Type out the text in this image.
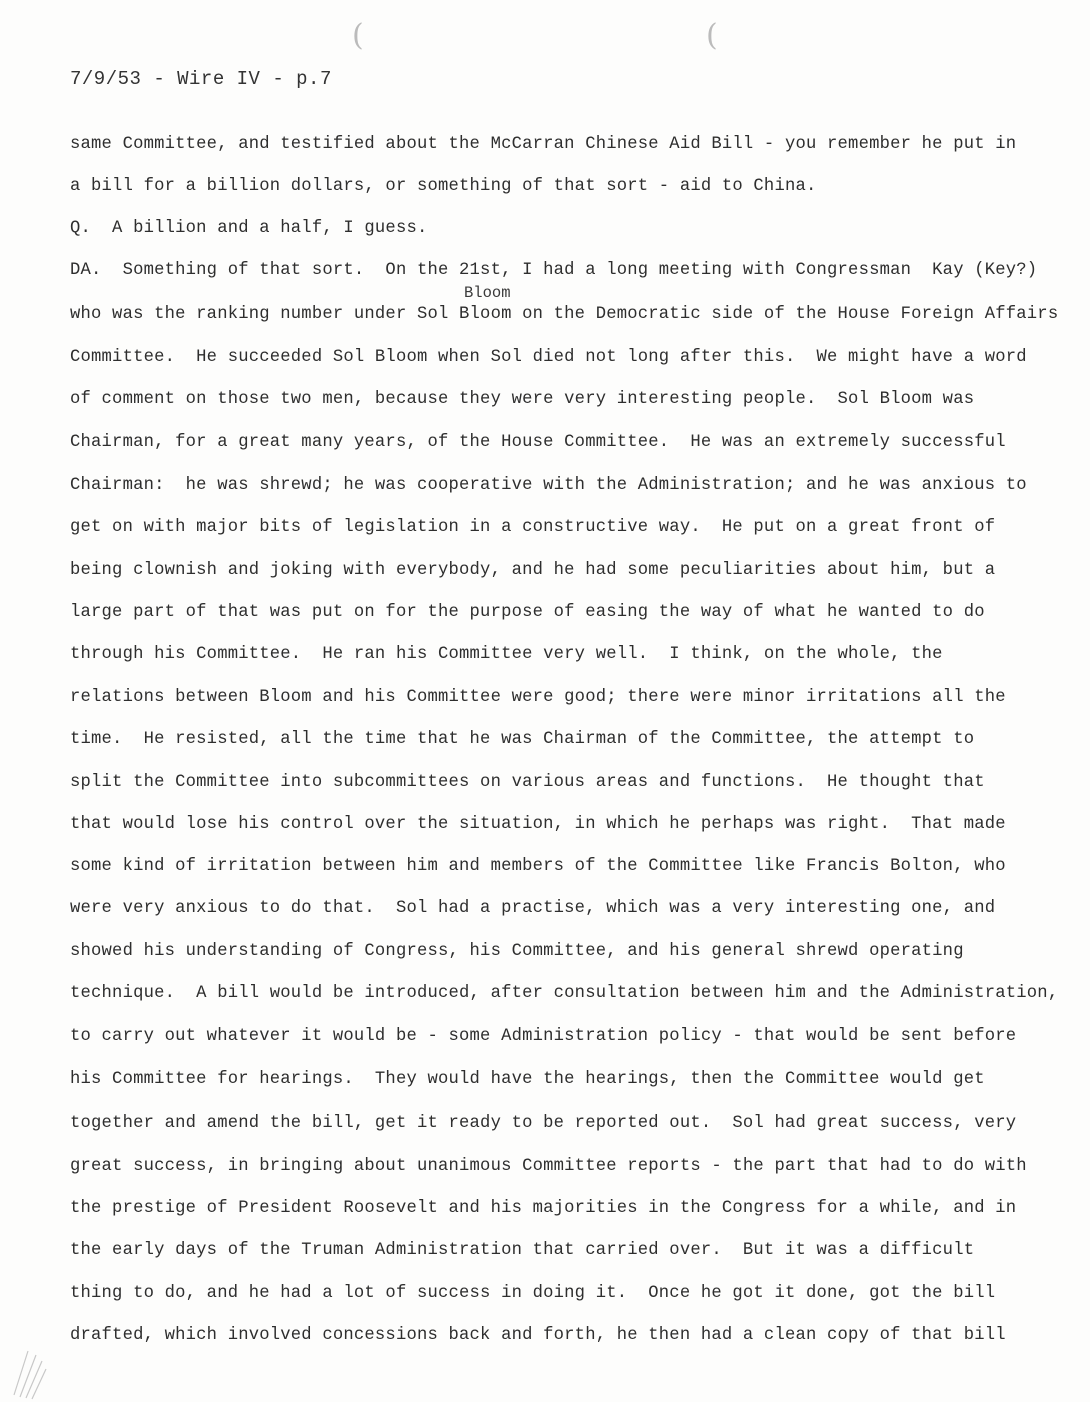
(	(
7/9/53 - Wire IV - p.7
Bloom
same Committee, and testified about the McCarran Chinese Aid Bill - you remember he put in
a bill for a billion dollars, or something of that sort - aid to China.
Q.  A billion and a half, I guess.
DA.  Something of that sort.  On the 21st, I had a long meeting with Congressman  Kay (Key?)
who was the ranking number under Sol Bloom on the Democratic side of the House Foreign Affairs
Committee.  He succeeded Sol Bloom when Sol died not long after this.  We might have a word
of comment on those two men, because they were very interesting people.  Sol Bloom was
Chairman, for a great many years, of the House Committee.  He was an extremely successful
Chairman:  he was shrewd; he was cooperative with the Administration; and he was anxious to
get on with major bits of legislation in a constructive way.  He put on a great front of
being clownish and joking with everybody, and he had some peculiarities about him, but a
large part of that was put on for the purpose of easing the way of what he wanted to do
through his Committee.  He ran his Committee very well.  I think, on the whole, the
relations between Bloom and his Committee were good; there were minor irritations all the
time.  He resisted, all the time that he was Chairman of the Committee, the attempt to
split the Committee into subcommittees on various areas and functions.  He thought that
that would lose his control over the situation, in which he perhaps was right.  That made
some kind of irritation between him and members of the Committee like Francis Bolton, who
were very anxious to do that.  Sol had a practise, which was a very interesting one, and
showed his understanding of Congress, his Committee, and his general shrewd operating
technique.  A bill would be introduced, after consultation between him and the Administration,
to carry out whatever it would be - some Administration policy - that would be sent before
his Committee for hearings.  They would have the hearings, then the Committee would get
together and amend the bill, get it ready to be reported out.  Sol had great success, very
great success, in bringing about unanimous Committee reports - the part that had to do with
the prestige of President Roosevelt and his majorities in the Congress for a while, and in
the early days of the Truman Administration that carried over.  But it was a difficult
thing to do, and he had a lot of success in doing it.  Once he got it done, got the bill
drafted, which involved concessions back and forth, he then had a clean copy of that bill
